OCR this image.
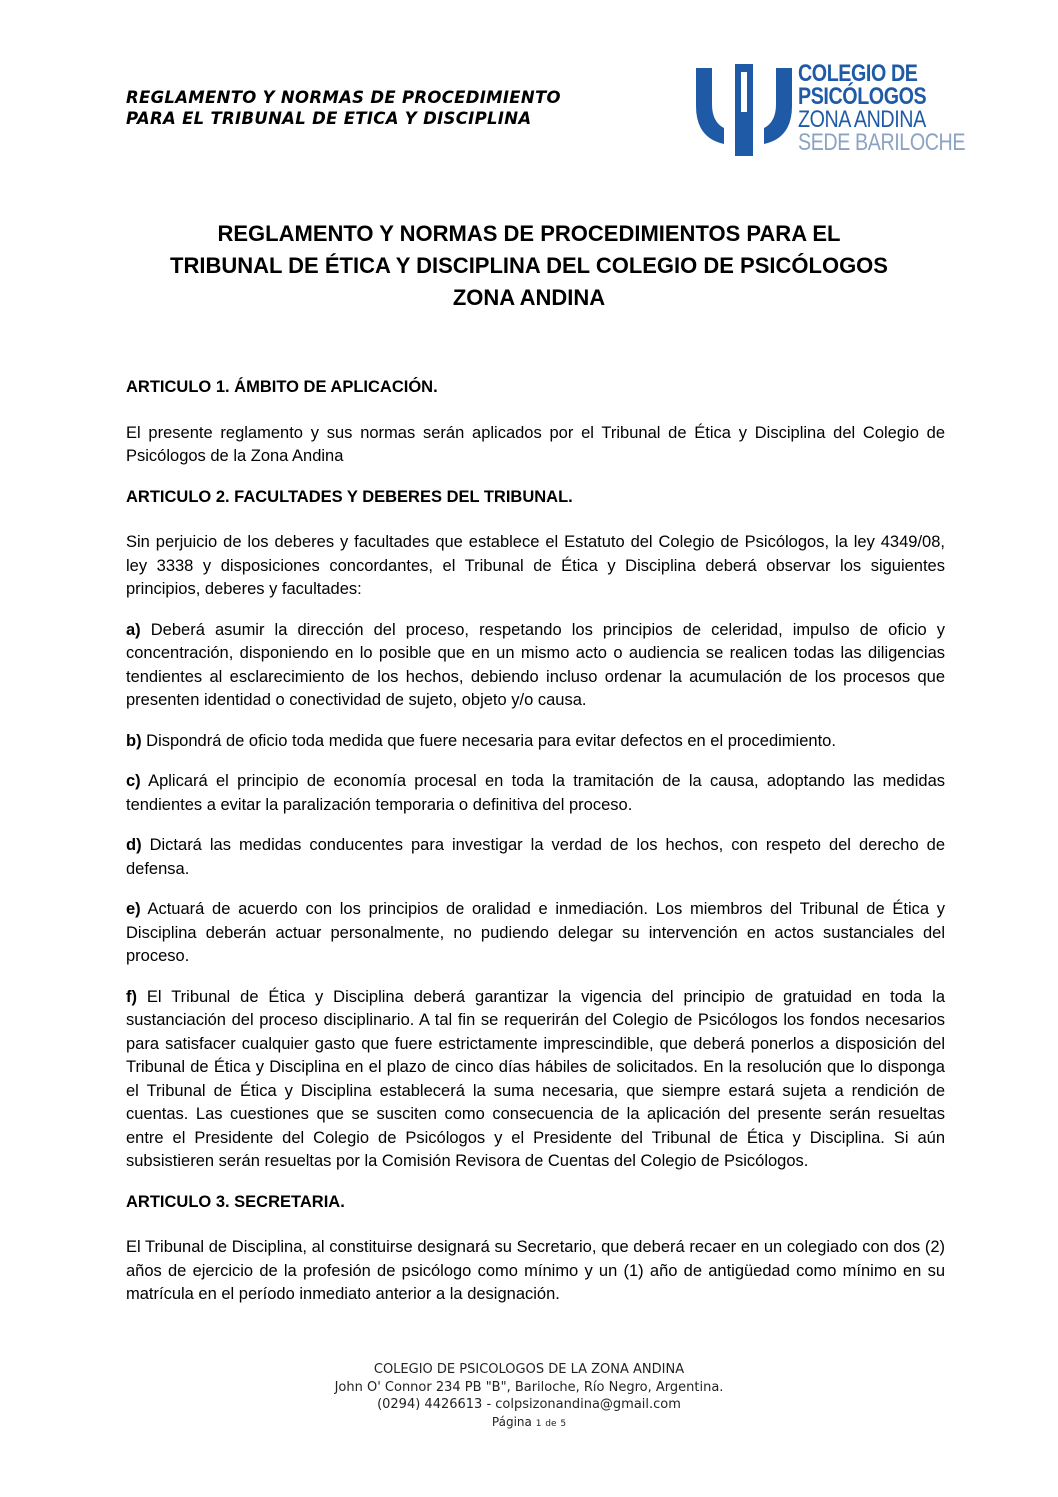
REGLAMENTO Y NORMAS DE PROCEDIMIENTO
PARA EL TRIBUNAL DE ETICA Y DISCIPLINA
COLEGIO DE
PSICÓLOGOS
ZONA ANDINA
SEDE BARILOCHE
REGLAMENTO Y NORMAS DE PROCEDIMIENTOS PARA EL
TRIBUNAL DE ÉTICA Y DISCIPLINA DEL COLEGIO DE PSICÓLOGOS
ZONA ANDINA
ARTICULO 1. ÁMBITO DE APLICACIÓN.

El presente reglamento y sus normas serán aplicados por el Tribunal de Ética y Disciplina del Colegio de Psicólogos de la Zona Andina

ARTICULO 2. FACULTADES Y DEBERES DEL TRIBUNAL.

Sin perjuicio de los deberes y facultades que establece el Estatuto del Colegio de Psicólogos, la ley 4349/08, ley 3338 y disposiciones concordantes, el Tribunal de Ética y Disciplina deberá observar los siguientes principios, deberes y facultades:

a) Deberá asumir la dirección del proceso, respetando los principios de celeridad, impulso de oficio y concentración, disponiendo en lo posible que en un mismo acto o audiencia se realicen todas las diligencias tendientes al esclarecimiento de los hechos, debiendo incluso ordenar la acumulación de los procesos que presenten identidad o conectividad de sujeto, objeto y/o causa.

b) Dispondrá de oficio toda medida que fuere necesaria para evitar defectos en el procedimiento.

c) Aplicará el principio de economía procesal en toda la tramitación de la causa, adoptando las medidas tendientes a evitar la paralización temporaria o definitiva del proceso.

d) Dictará las medidas conducentes para investigar la verdad de los hechos, con respeto del derecho de defensa.

e) Actuará de acuerdo con los principios de oralidad e inmediación. Los miembros del Tribunal de Ética y Disciplina deberán actuar personalmente, no pudiendo delegar su intervención en actos sustanciales del proceso.

f) El Tribunal de Ética y Disciplina deberá garantizar la vigencia del principio de gratuidad en toda la sustanciación del proceso disciplinario. A tal fin se requerirán del Colegio de Psicólogos los fondos necesarios para satisfacer cualquier gasto que fuere estrictamente imprescindible, que deberá ponerlos a disposición del Tribunal de Ética y Disciplina en el plazo de cinco días hábiles de solicitados. En la resolución que lo disponga el Tribunal de Ética y Disciplina establecerá la suma necesaria, que siempre estará sujeta a rendición de cuentas. Las cuestiones que se susciten como consecuencia de la aplicación del presente serán resueltas entre el Presidente del Colegio de Psicólogos y el Presidente del Tribunal de Ética y Disciplina. Si aún subsistieren serán resueltas por la Comisión Revisora de Cuentas del Colegio de Psicólogos.

ARTICULO 3. SECRETARIA.

El Tribunal de Disciplina, al constituirse designará su Secretario, que deberá recaer en un colegiado con dos (2) años de ejercicio de la profesión de psicólogo como mínimo y un (1) año de antigüedad como mínimo en su matrícula en el período inmediato anterior a la designación.

COLEGIO DE PSICOLOGOS DE LA ZONA ANDINA
John O' Connor 234 PB "B", Bariloche, Río Negro, Argentina.
(0294) 4426613 - colpsizonandina@gmail.com
Página 1 de 5
